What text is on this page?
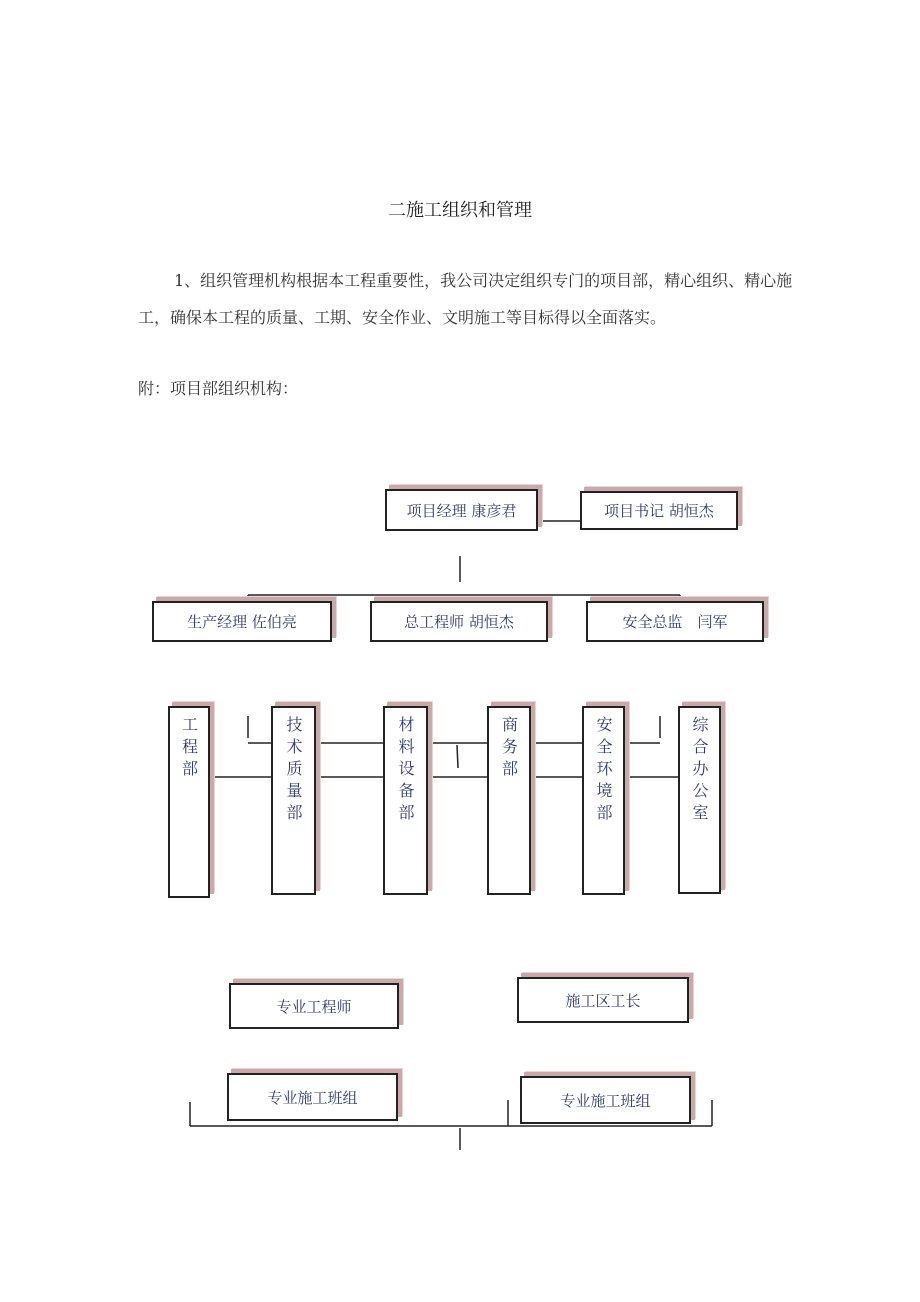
二施工组织和管理
1、组织管理机构根据本工程重要性，我公司决定组织专门的项目部，精心组织、精心施工，确保本工程的质量、工期、安全作业、文明施工等目标得以全面落实。
附：项目部组织机构：
项目经理 康彦君	项目书记 胡恒杰
生产经理 佐伯亮	总工程师 胡恒杰	安全总监　闫军
工程部	技术质量部	材料设备部	商务部	安全环境部	综合办公室
专业工程师	施工区工长
专业施工班组	专业施工班组
